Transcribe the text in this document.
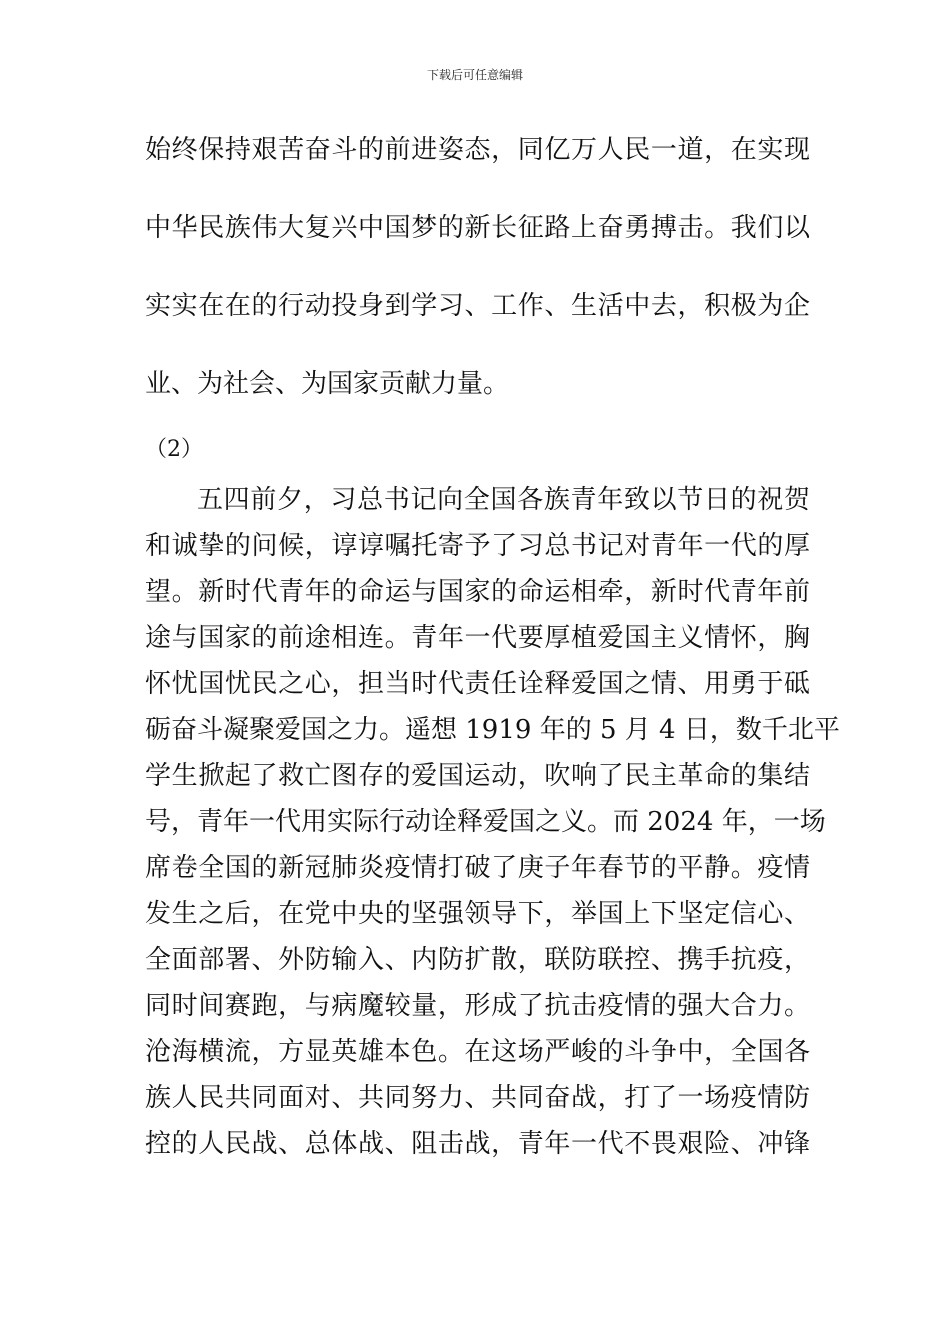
下载后可任意编辑
始终保持艰苦奋斗的前进姿态，同亿万人民一道，在实现
中华民族伟大复兴中国梦的新长征路上奋勇搏击。我们以
实实在在的行动投身到学习、工作、生活中去，积极为企
业、为社会、为国家贡献力量。
（2）
五四前夕，习总书记向全国各族青年致以节日的祝贺
和诚挚的问候，谆谆嘱托寄予了习总书记对青年一代的厚
望。新时代青年的命运与国家的命运相牵，新时代青年前
途与国家的前途相连。青年一代要厚植爱国主义情怀，胸
怀忧国忧民之心，担当时代责任诠释爱国之情、用勇于砥
砺奋斗凝聚爱国之力。遥想 1919 年的 5 月 4 日，数千北平
学生掀起了救亡图存的爱国运动，吹响了民主革命的集结
号，青年一代用实际行动诠释爱国之义。而 2024 年，一场
席卷全国的新冠肺炎疫情打破了庚子年春节的平静。疫情
发生之后，在党中央的坚强领导下，举国上下坚定信心、
全面部署、外防输入、内防扩散，联防联控、携手抗疫，
同时间赛跑，与病魔较量，形成了抗击疫情的强大合力。
沧海横流，方显英雄本色。在这场严峻的斗争中，全国各
族人民共同面对、共同努力、共同奋战，打了一场疫情防
控的人民战、总体战、阻击战，青年一代不畏艰险、冲锋
